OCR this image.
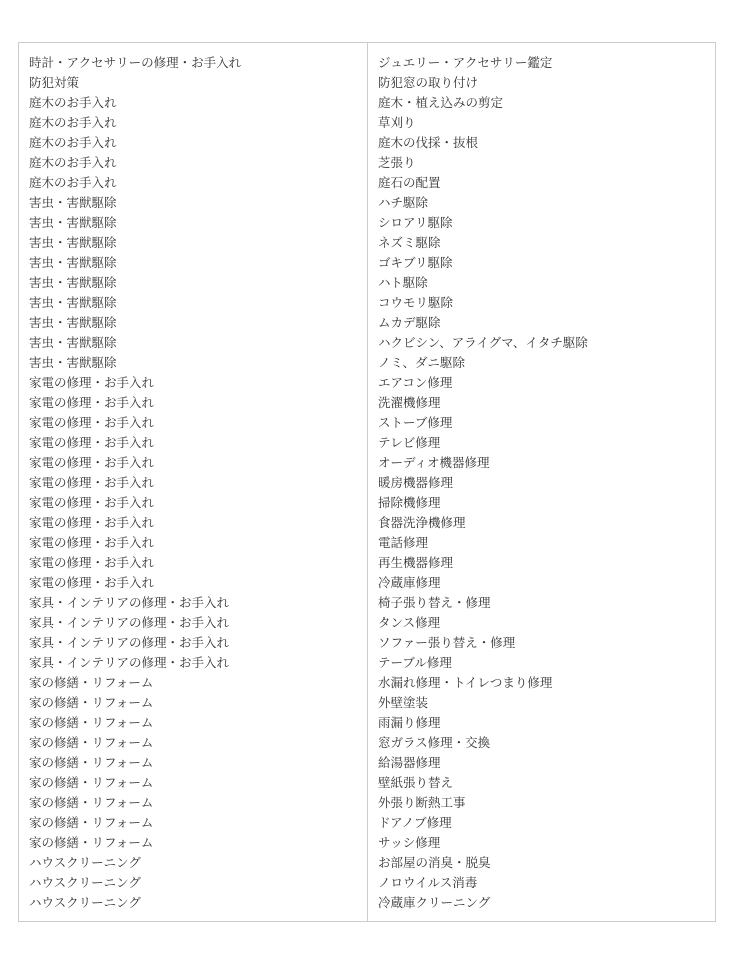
時計・アクセサリーの修理・お手入れ
防犯対策
庭木のお手入れ
庭木のお手入れ
庭木のお手入れ
庭木のお手入れ
庭木のお手入れ
害虫・害獣駆除
害虫・害獣駆除
害虫・害獣駆除
害虫・害獣駆除
害虫・害獣駆除
害虫・害獣駆除
害虫・害獣駆除
害虫・害獣駆除
害虫・害獣駆除
家電の修理・お手入れ
家電の修理・お手入れ
家電の修理・お手入れ
家電の修理・お手入れ
家電の修理・お手入れ
家電の修理・お手入れ
家電の修理・お手入れ
家電の修理・お手入れ
家電の修理・お手入れ
家電の修理・お手入れ
家電の修理・お手入れ
家具・インテリアの修理・お手入れ
家具・インテリアの修理・お手入れ
家具・インテリアの修理・お手入れ
家具・インテリアの修理・お手入れ
家の修繕・リフォーム
家の修繕・リフォーム
家の修繕・リフォーム
家の修繕・リフォーム
家の修繕・リフォーム
家の修繕・リフォーム
家の修繕・リフォーム
家の修繕・リフォーム
家の修繕・リフォーム
ハウスクリーニング
ハウスクリーニング
ハウスクリーニング
ジュエリー・アクセサリー鑑定
防犯窓の取り付け
庭木・植え込みの剪定
草刈り
庭木の伐採・抜根
芝張り
庭石の配置
ハチ駆除
シロアリ駆除
ネズミ駆除
ゴキブリ駆除
ハト駆除
コウモリ駆除
ムカデ駆除
ハクビシン、アライグマ、イタチ駆除
ノミ、ダニ駆除
エアコン修理
洗濯機修理
ストーブ修理
テレビ修理
オーディオ機器修理
暖房機器修理
掃除機修理
食器洗浄機修理
電話修理
再生機器修理
冷蔵庫修理
椅子張り替え・修理
タンス修理
ソファー張り替え・修理
テーブル修理
水漏れ修理・トイレつまり修理
外壁塗装
雨漏り修理
窓ガラス修理・交換
給湯器修理
壁紙張り替え
外張り断熱工事
ドアノブ修理
サッシ修理
お部屋の消臭・脱臭
ノロウイルス消毒
冷蔵庫クリーニング
